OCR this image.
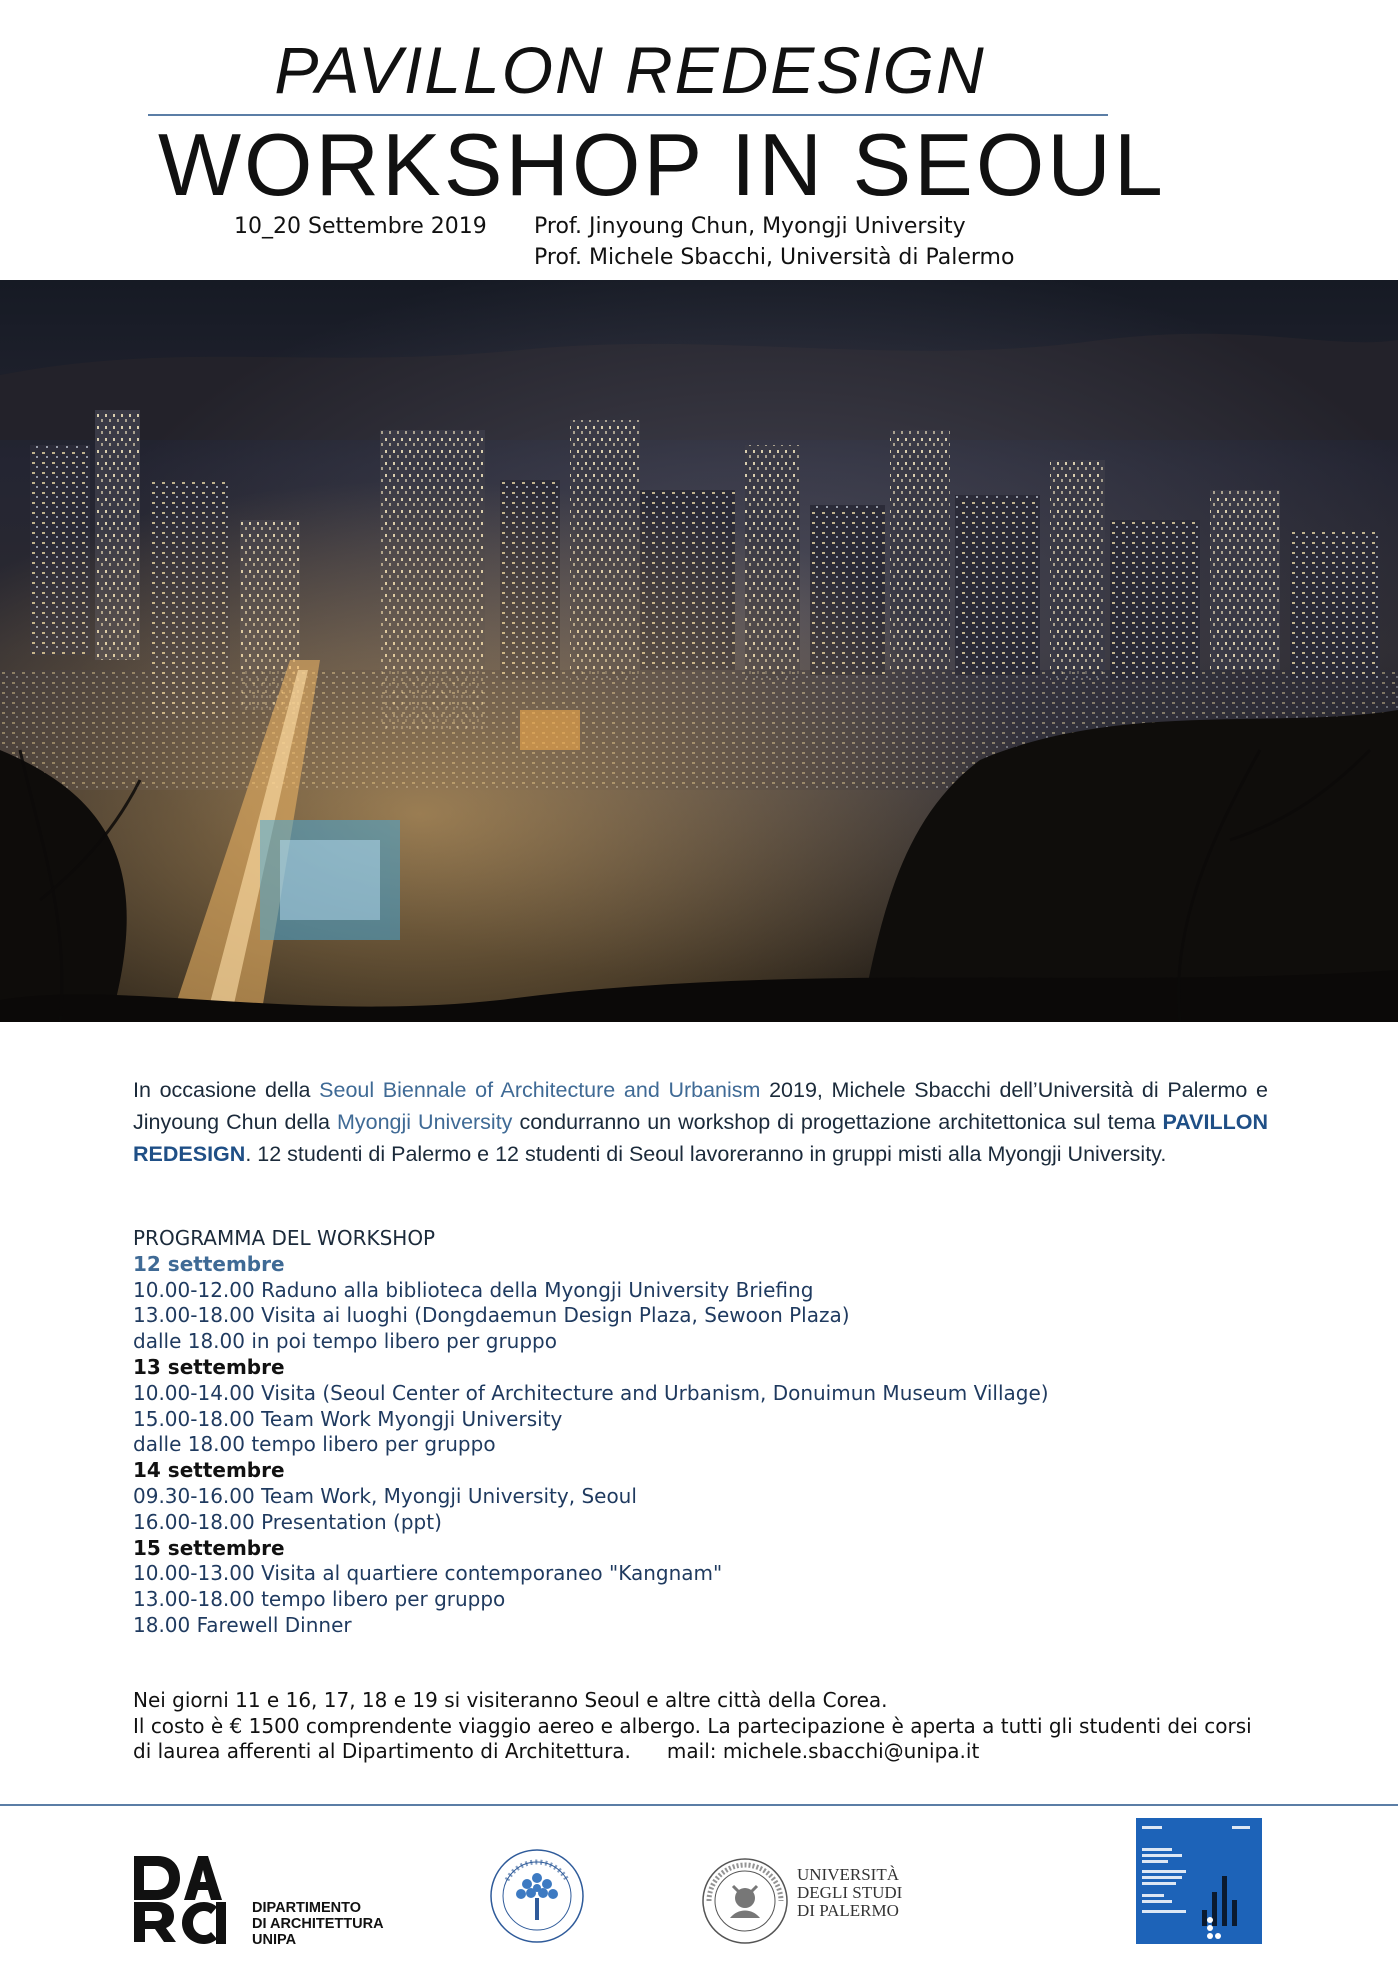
PAVILLON REDESIGN
WORKSHOP IN SEOUL
10_20 Settembre 2019 Prof. Jinyoung Chun, Myongji University
Prof. Michele Sbacchi, Università di Palermo
In occasione della Seoul Biennale of Architecture and Urbanism 2019, Michele Sbacchi dell’Università di Palermo e Jinyoung Chun della Myongji University condurranno un workshop di progettazione architettonica sul tema PAVILLON REDESIGN. 12 studenti di Palermo e 12 studenti di Seoul lavoreranno in gruppi misti alla Myongji University.
PROGRAMMA DEL WORKSHOP
12 settembre
10.00-12.00 Raduno alla biblioteca della Myongji University Briefing
13.00-18.00 Visita ai luoghi (Dongdaemun Design Plaza, Sewoon Plaza)
dalle 18.00 in poi tempo libero per gruppo
13 settembre
10.00-14.00 Visita (Seoul Center of Architecture and Urbanism, Donuimun Museum Village)
15.00-18.00 Team Work Myongji University
dalle 18.00 tempo libero per gruppo
14 settembre
09.30-16.00 Team Work, Myongji University, Seoul
16.00-18.00 Presentation (ppt)
15 settembre
10.00-13.00 Visita al quartiere contemporaneo "Kangnam"
13.00-18.00 tempo libero per gruppo
18.00 Farewell Dinner
Nei giorni 11 e 16, 17, 18 e 19 si visiteranno Seoul e altre città della Corea.
Il costo è € 1500 comprendente viaggio aereo e albergo. La partecipazione è aperta a tutti gli studenti dei corsi di laurea afferenti al Dipartimento di Architettura. mail: michele.sbacchi@unipa.it
DIPARTIMENTO
DI ARCHITETTURA
UNIPA
UNIVERSITÀ
DEGLI STUDI
DI PALERMO
